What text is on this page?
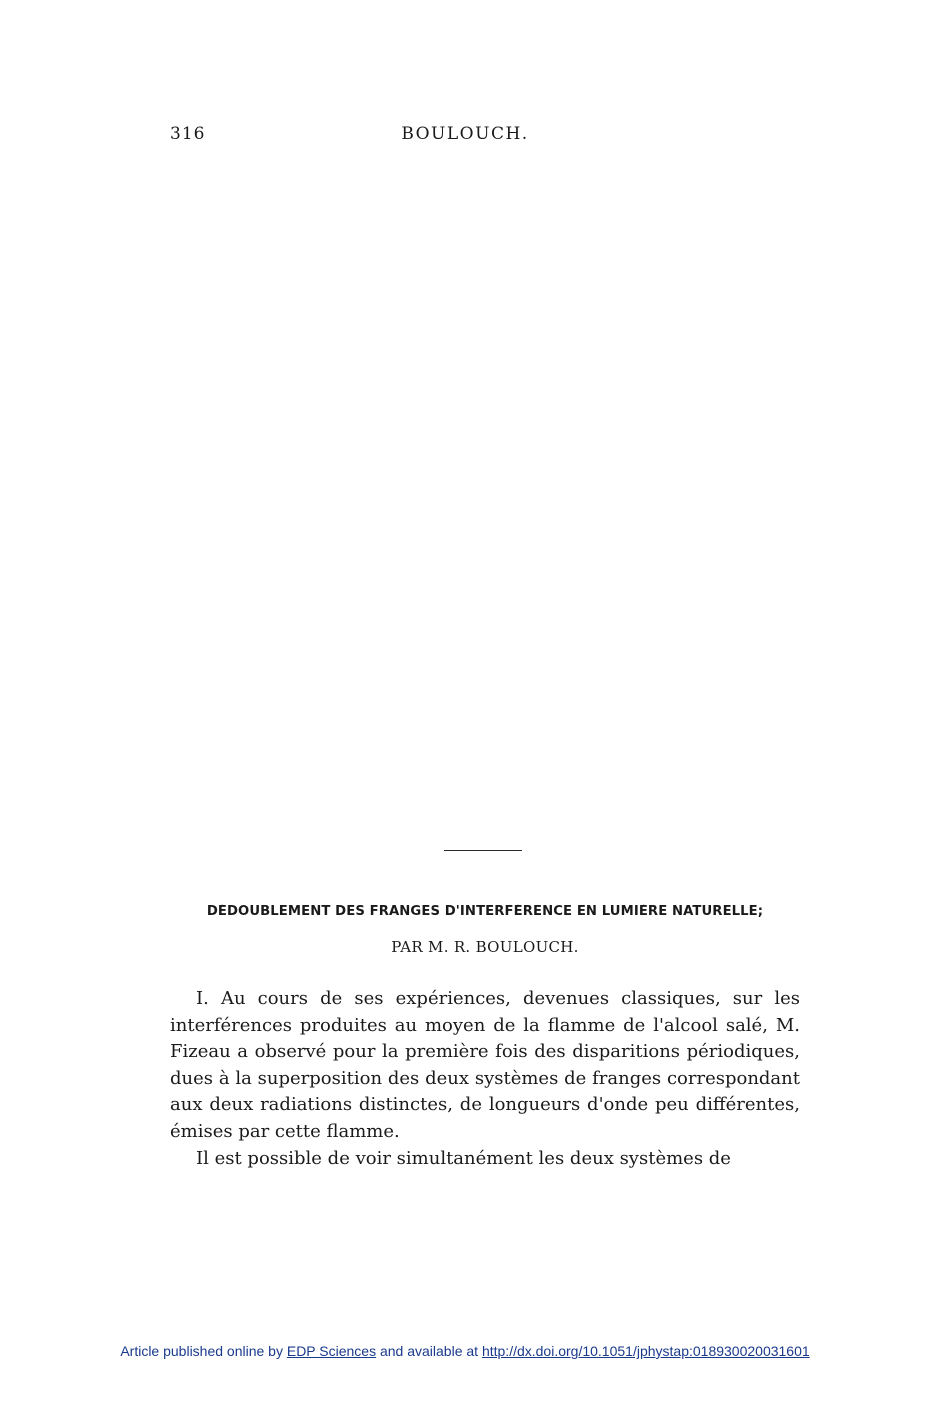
316	BOULOUCH.
DÉDOUBLEMENT DES FRANGES D'INTERFÉRENCE EN LUMIÈRE NATURELLE;
PAR M. R. BOULOUCH.

I. Au cours de ses expériences, devenues classiques, sur les interférences produites au moyen de la flamme de l'alcool salé, M. Fizeau a observé pour la première fois des disparitions périodiques, dues à la superposition des deux systèmes de franges correspondant aux deux radiations distinctes, de longueurs d'onde peu différentes, émises par cette flamme.

Il est possible de voir simultanément les deux systèmes de

Article published online by EDP Sciences and available at http://dx.doi.org/10.1051/jphystap:018930020031601
